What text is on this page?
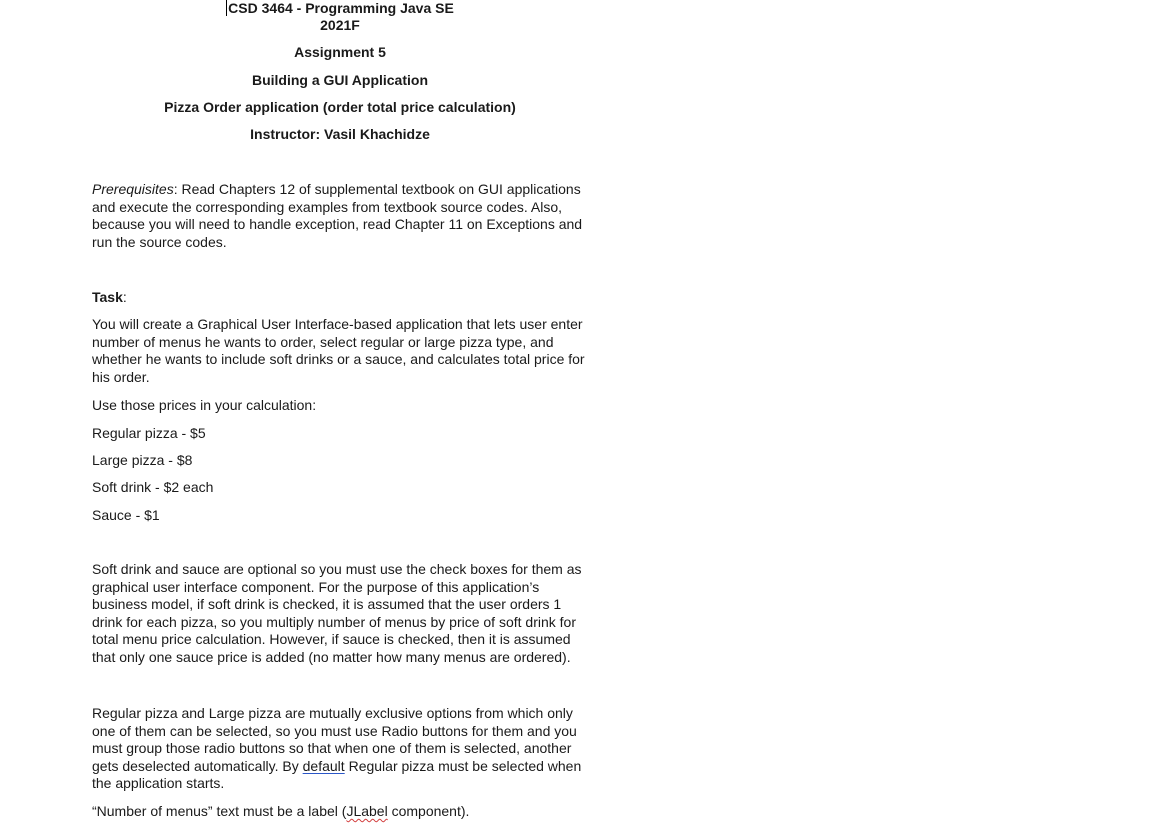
CSD 3464 - Programming Java SE
2021F
Assignment 5
Building a GUI Application
Pizza Order application (order total price calculation)
Instructor: Vasil Khachidze
Prerequisites: Read Chapters 12 of supplemental textbook on GUI applications and execute the corresponding examples from textbook source codes. Also, because you will need to handle exception, read Chapter 11 on Exceptions and run the source codes.
Task:
You will create a Graphical User Interface-based application that lets user enter number of menus he wants to order, select regular or large pizza type, and whether he wants to include soft drinks or a sauce, and calculates total price for his order.
Use those prices in your calculation:
Regular pizza - $5
Large pizza - $8
Soft drink - $2 each
Sauce - $1
Soft drink and sauce are optional so you must use the check boxes for them as graphical user interface component. For the purpose of this application’s business model, if soft drink is checked, it is assumed that the user orders 1 drink for each pizza, so you multiply number of menus by price of soft drink for total menu price calculation. However, if sauce is checked, then it is assumed that only one sauce price is added (no matter how many menus are ordered).
Regular pizza and Large pizza are mutually exclusive options from which only one of them can be selected, so you must use Radio buttons for them and you must group those radio buttons so that when one of them is selected, another gets deselected automatically. By default Regular pizza must be selected when the application starts.
“Number of menus” text must be a label (JLabel component).
